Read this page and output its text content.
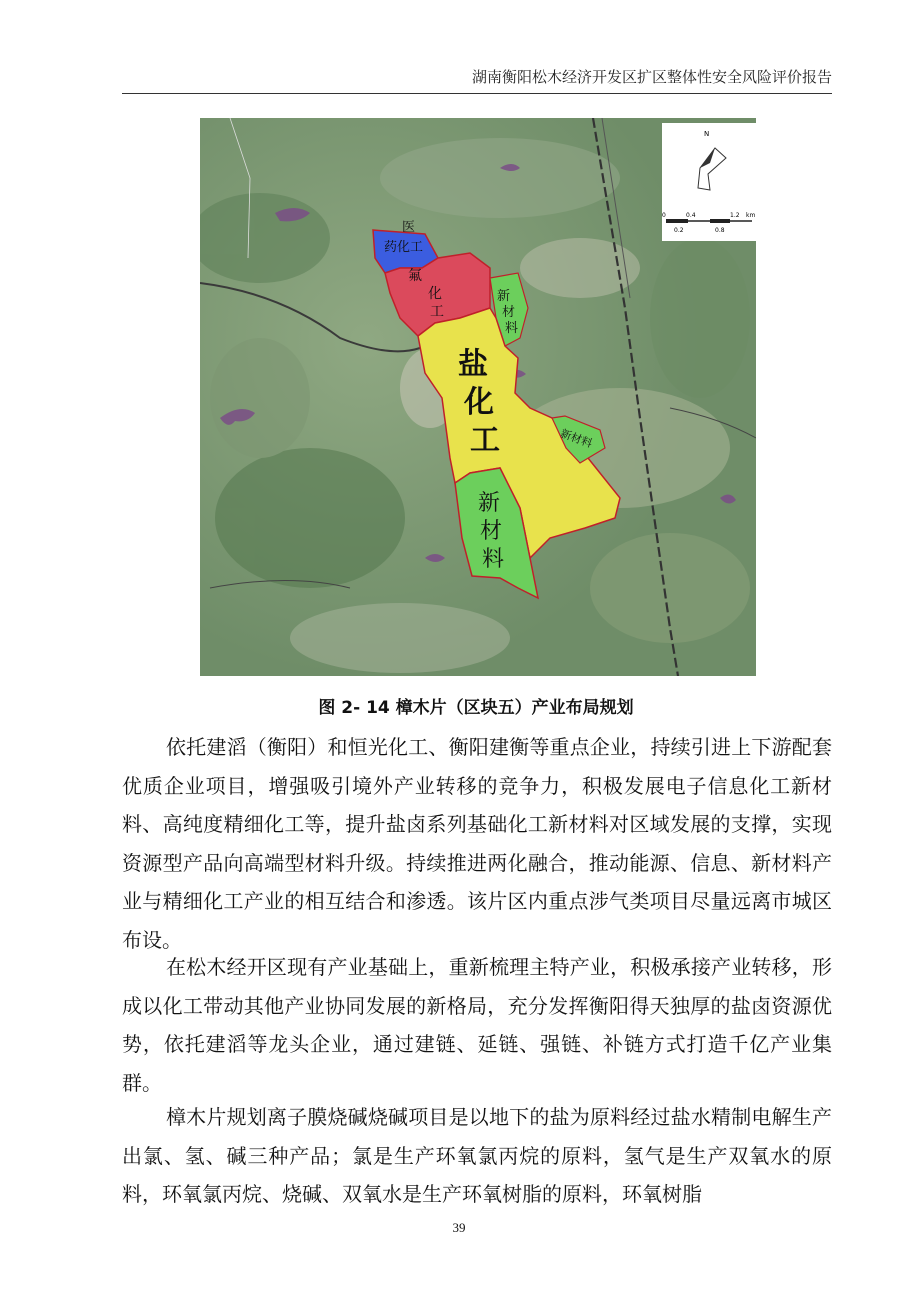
湖南衡阳松木经济开发区扩区整体性安全风险评价报告
医
药化工
氟
化
工
新
材
料
盐
化
工	新材料
新
材
料
N
0	0.4	1.2 km
0.2	0.8
图 2- 14 樟木片（区块五）产业布局规划

依托建滔（衡阳）和恒光化工、衡阳建衡等重点企业，持续引进上下游配套优质企业项目，增强吸引境外产业转移的竞争力，积极发展电子信息化工新材料、高纯度精细化工等，提升盐卤系列基础化工新材料对区域发展的支撑，实现资源型产品向高端型材料升级。持续推进两化融合，推动能源、信息、新材料产业与精细化工产业的相互结合和渗透。该片区内重点涉气类项目尽量远离市城区布设。

在松木经开区现有产业基础上，重新梳理主特产业，积极承接产业转移，形成以化工带动其他产业协同发展的新格局，充分发挥衡阳得天独厚的盐卤资源优势，依托建滔等龙头企业，通过建链、延链、强链、补链方式打造千亿产业集群。

樟木片规划离子膜烧碱烧碱项目是以地下的盐为原料经过盐水精制电解生产出氯、氢、碱三种产品；氯是生产环氧氯丙烷的原料，氢气是生产双氧水的原料，环氧氯丙烷、烧碱、双氧水是生产环氧树脂的原料，环氧树脂

39
